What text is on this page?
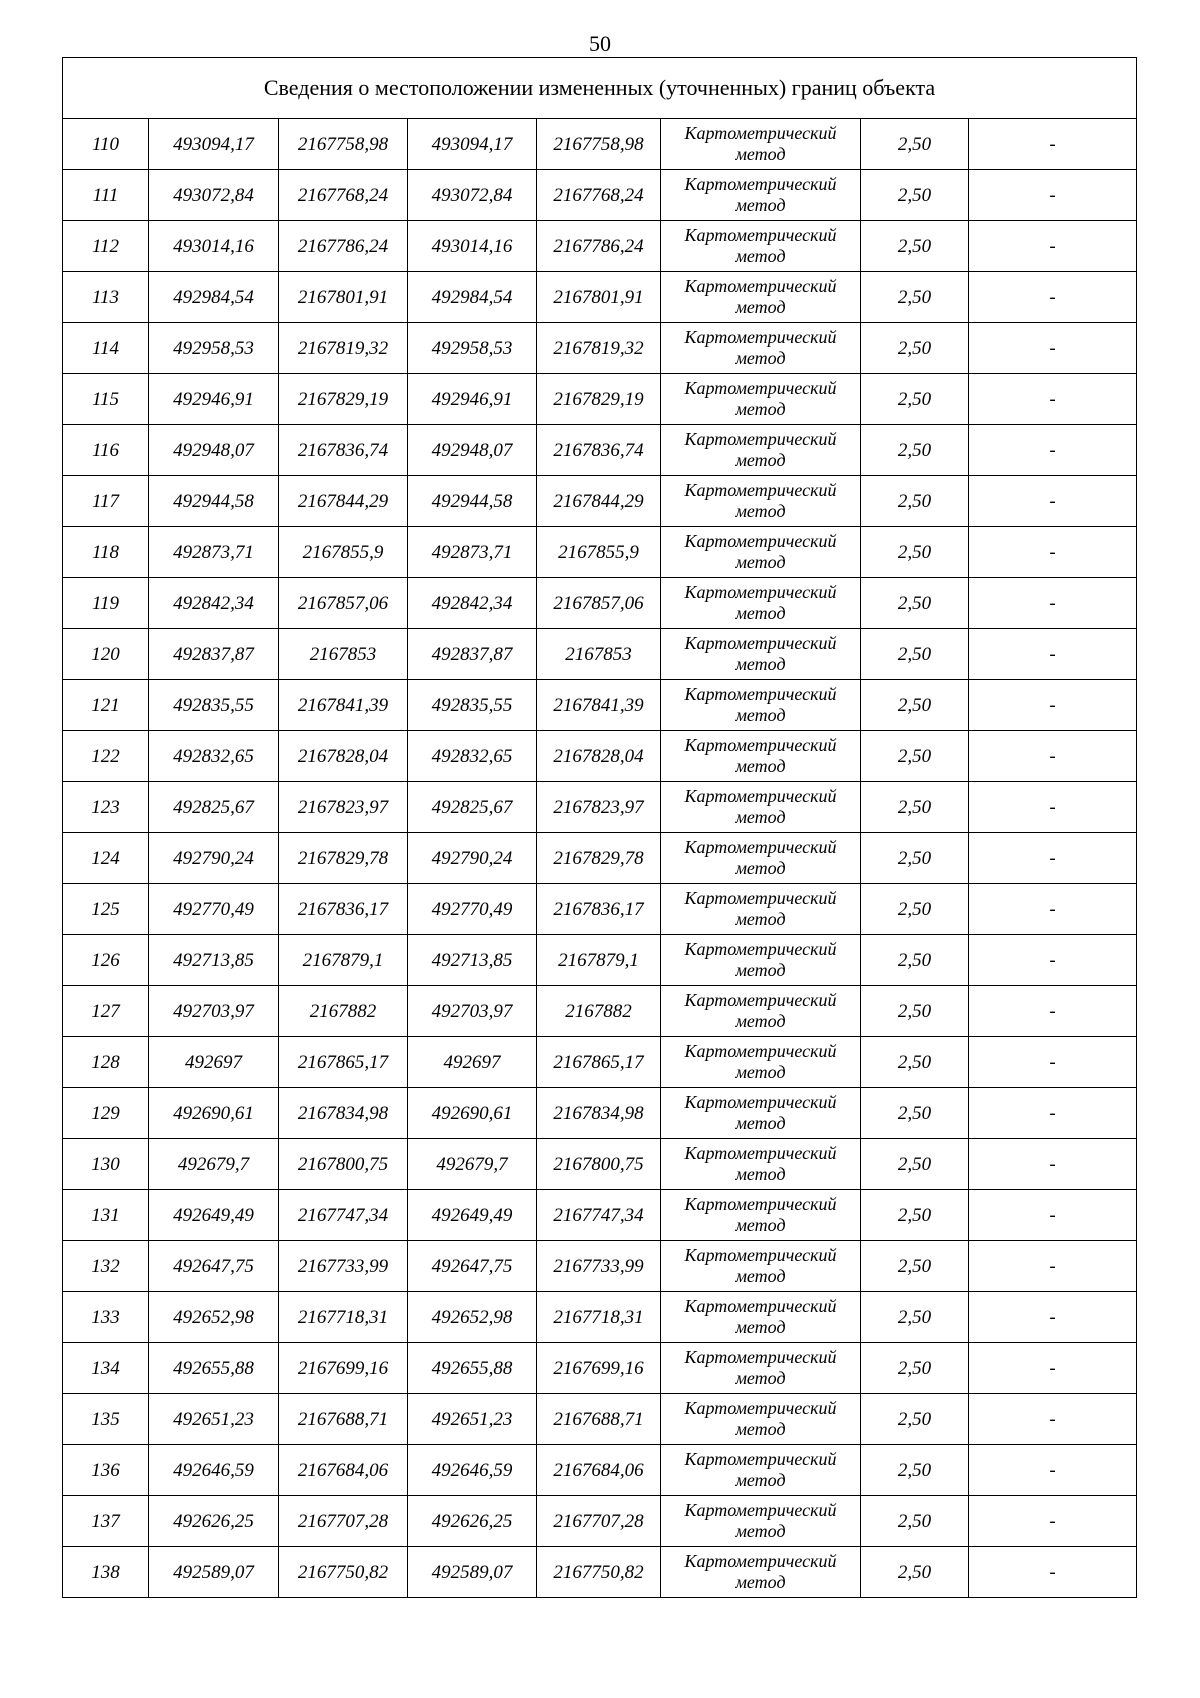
50
Сведения о местоположении измененных (уточненных) границ объекта							
110	493094,17	2167758,98	493094,17	2167758,98	Картометрический метод	2,50	-
111	493072,84	2167768,24	493072,84	2167768,24	Картометрический метод	2,50	-
112	493014,16	2167786,24	493014,16	2167786,24	Картометрический метод	2,50	-
113	492984,54	2167801,91	492984,54	2167801,91	Картометрический метод	2,50	-
114	492958,53	2167819,32	492958,53	2167819,32	Картометрический метод	2,50	-
115	492946,91	2167829,19	492946,91	2167829,19	Картометрический метод	2,50	-
116	492948,07	2167836,74	492948,07	2167836,74	Картометрический метод	2,50	-
117	492944,58	2167844,29	492944,58	2167844,29	Картометрический метод	2,50	-
118	492873,71	2167855,9	492873,71	2167855,9	Картометрический метод	2,50	-
119	492842,34	2167857,06	492842,34	2167857,06	Картометрический метод	2,50	-
120	492837,87	2167853	492837,87	2167853	Картометрический метод	2,50	-
121	492835,55	2167841,39	492835,55	2167841,39	Картометрический метод	2,50	-
122	492832,65	2167828,04	492832,65	2167828,04	Картометрический метод	2,50	-
123	492825,67	2167823,97	492825,67	2167823,97	Картометрический метод	2,50	-
124	492790,24	2167829,78	492790,24	2167829,78	Картометрический метод	2,50	-
125	492770,49	2167836,17	492770,49	2167836,17	Картометрический метод	2,50	-
126	492713,85	2167879,1	492713,85	2167879,1	Картометрический метод	2,50	-
127	492703,97	2167882	492703,97	2167882	Картометрический метод	2,50	-
128	492697	2167865,17	492697	2167865,17	Картометрический метод	2,50	-
129	492690,61	2167834,98	492690,61	2167834,98	Картометрический метод	2,50	-
130	492679,7	2167800,75	492679,7	2167800,75	Картометрический метод	2,50	-
131	492649,49	2167747,34	492649,49	2167747,34	Картометрический метод	2,50	-
132	492647,75	2167733,99	492647,75	2167733,99	Картометрический метод	2,50	-
133	492652,98	2167718,31	492652,98	2167718,31	Картометрический метод	2,50	-
134	492655,88	2167699,16	492655,88	2167699,16	Картометрический метод	2,50	-
135	492651,23	2167688,71	492651,23	2167688,71	Картометрический метод	2,50	-
136	492646,59	2167684,06	492646,59	2167684,06	Картометрический метод	2,50	-
137	492626,25	2167707,28	492626,25	2167707,28	Картометрический метод	2,50	-
138	492589,07	2167750,82	492589,07	2167750,82	Картометрический метод	2,50	-
